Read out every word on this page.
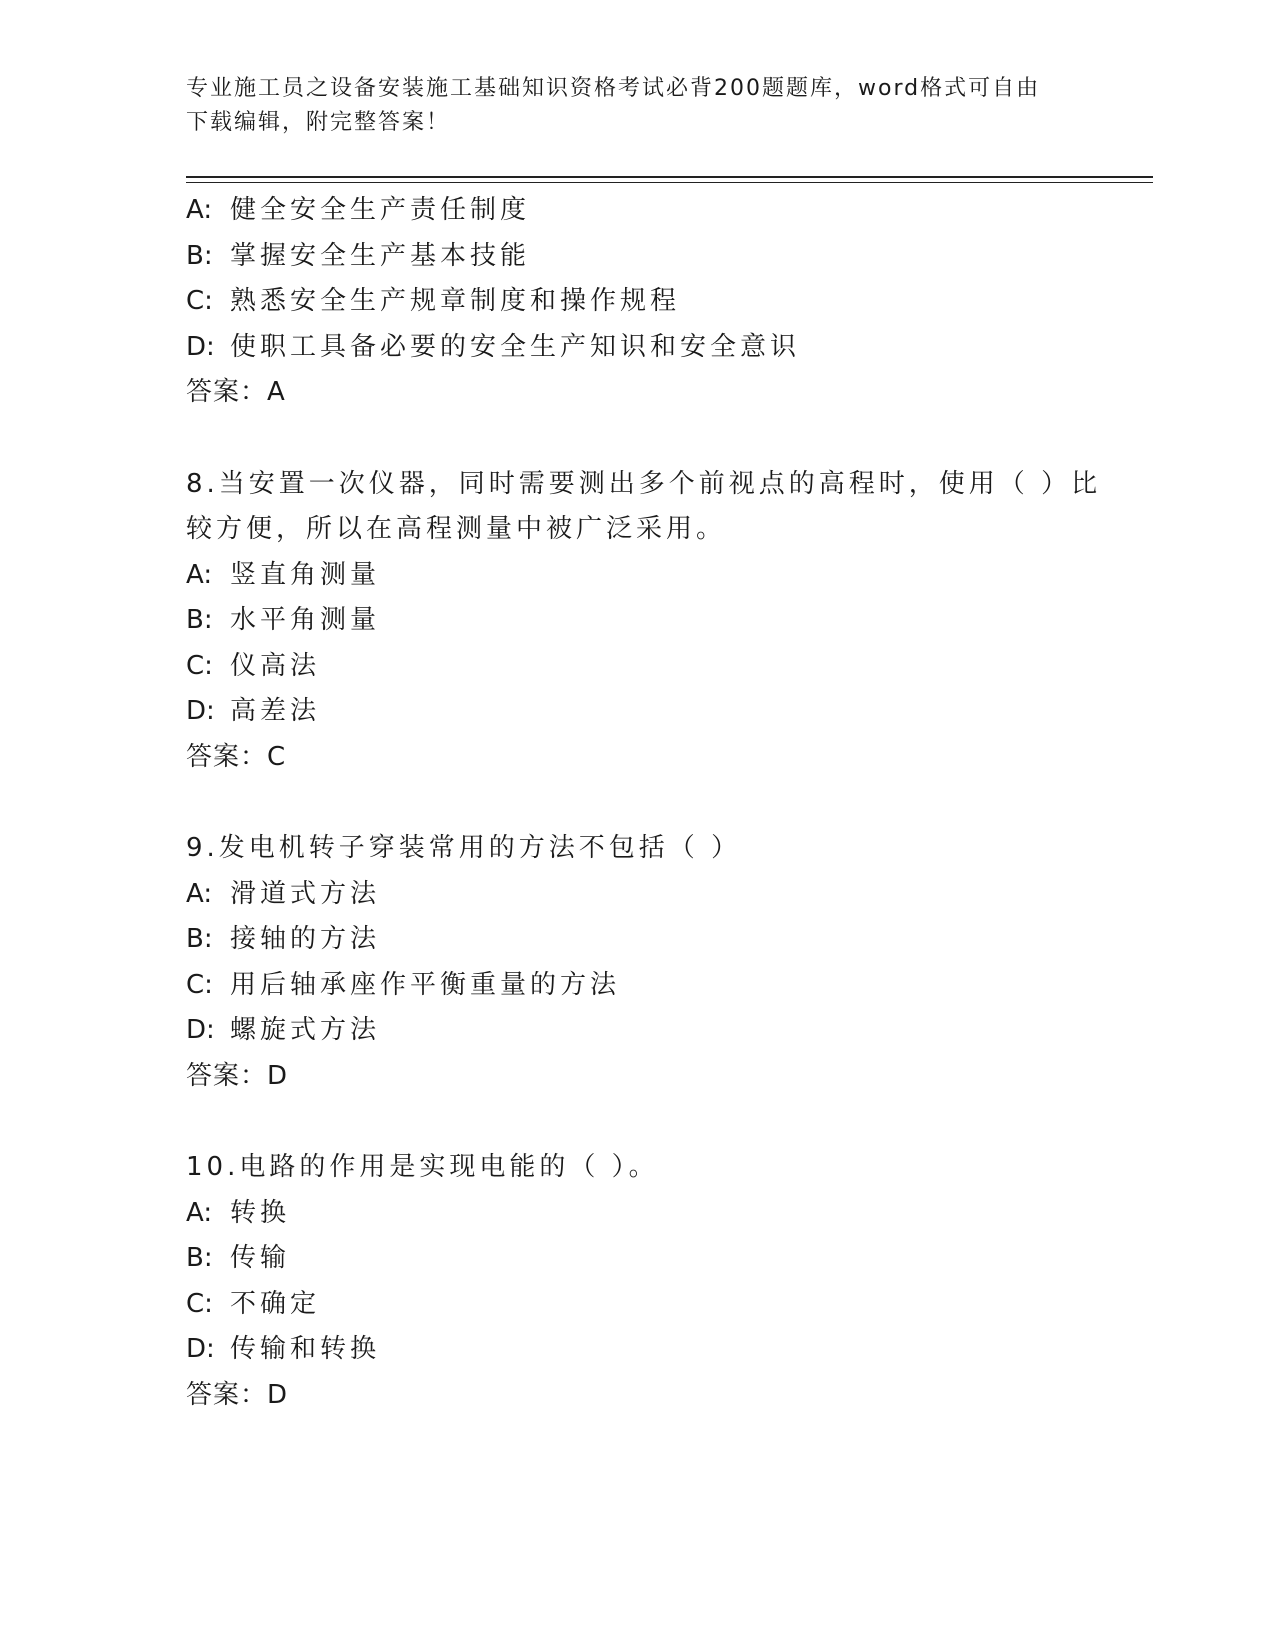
专业施工员之设备安装施工基础知识资格考试必背200题题库，word格式可自由
下载编辑，附完整答案！
A: 健全安全生产责任制度
B: 掌握安全生产基本技能
C: 熟悉安全生产规章制度和操作规程
D: 使职工具备必要的安全生产知识和安全意识
答案：A
8.当安置一次仪器，同时需要测出多个前视点的高程时，使用（ ）比
较方便，所以在高程测量中被广泛采用。
A: 竖直角测量
B: 水平角测量
C: 仪高法
D: 高差法
答案：C
9.发电机转子穿装常用的方法不包括（ ）
A: 滑道式方法
B: 接轴的方法
C: 用后轴承座作平衡重量的方法
D: 螺旋式方法
答案：D
10.电路的作用是实现电能的（ ）。
A: 转换
B: 传输
C: 不确定
D: 传输和转换
答案：D
